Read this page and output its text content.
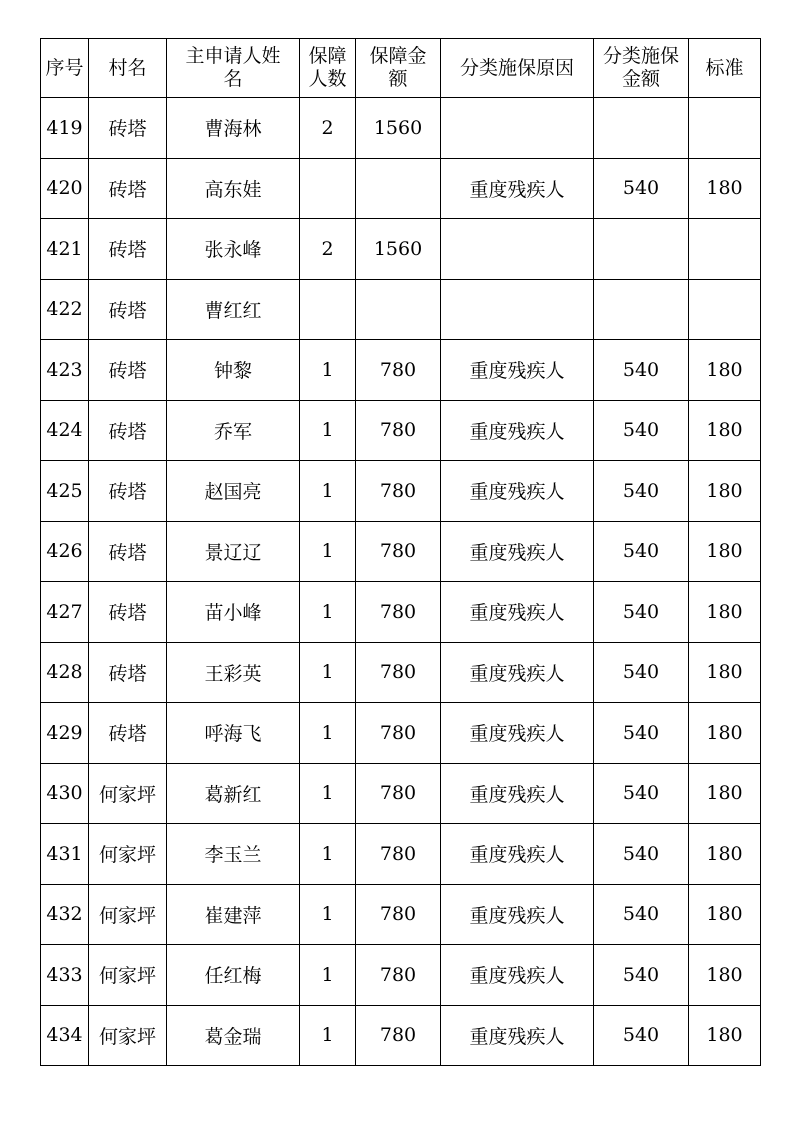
序号	村名	主申请人姓名	保障人数	保障金额	分类施保原因	分类施保金额	标准
419	砖塔	曹海林	2	1560			
420	砖塔	高东娃			重度残疾人	540	180
421	砖塔	张永峰	2	1560			
422	砖塔	曹红红					
423	砖塔	钟黎	1	780	重度残疾人	540	180
424	砖塔	乔军	1	780	重度残疾人	540	180
425	砖塔	赵国亮	1	780	重度残疾人	540	180
426	砖塔	景辽辽	1	780	重度残疾人	540	180
427	砖塔	苗小峰	1	780	重度残疾人	540	180
428	砖塔	王彩英	1	780	重度残疾人	540	180
429	砖塔	呼海飞	1	780	重度残疾人	540	180
430	何家坪	葛新红	1	780	重度残疾人	540	180
431	何家坪	李玉兰	1	780	重度残疾人	540	180
432	何家坪	崔建萍	1	780	重度残疾人	540	180
433	何家坪	任红梅	1	780	重度残疾人	540	180
434	何家坪	葛金瑞	1	780	重度残疾人	540	180
